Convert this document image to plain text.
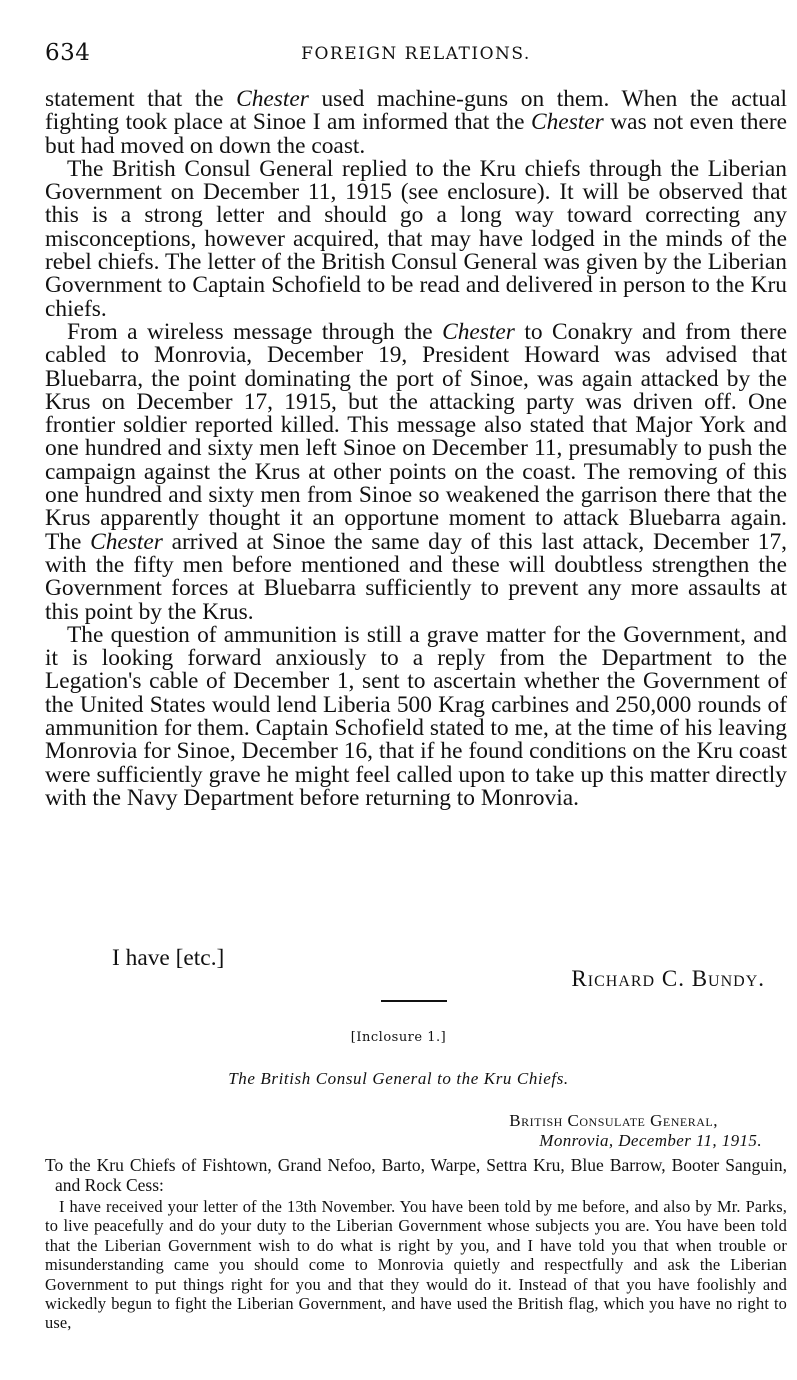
634	FOREIGN RELATIONS.

statement that the Chester used machine-guns on them. When the actual fighting took place at Sinoe I am informed that the Chester was not even there but had moved on down the coast.

The British Consul General replied to the Kru chiefs through the Liberian Government on December 11, 1915 (see enclosure). It will be observed that this is a strong letter and should go a long way toward correcting any misconceptions, however acquired, that may have lodged in the minds of the rebel chiefs. The letter of the British Consul General was given by the Liberian Government to Captain Schofield to be read and delivered in person to the Kru chiefs.

From a wireless message through the Chester to Conakry and from there cabled to Monrovia, December 19, President Howard was advised that Bluebarra, the point dominating the port of Sinoe, was again attacked by the Krus on December 17, 1915, but the attacking party was driven off. One frontier soldier reported killed. This message also stated that Major York and one hundred and sixty men left Sinoe on December 11, presumably to push the campaign against the Krus at other points on the coast. The removing of this one hundred and sixty men from Sinoe so weakened the garrison there that the Krus apparently thought it an opportune moment to attack Bluebarra again. The Chester arrived at Sinoe the same day of this last attack, December 17, with the fifty men before mentioned and these will doubtless strengthen the Government forces at Bluebarra sufficiently to prevent any more assaults at this point by the Krus.

The question of ammunition is still a grave matter for the Government, and it is looking forward anxiously to a reply from the Department to the Legation's cable of December 1, sent to ascertain whether the Government of the United States would lend Liberia 500 Krag carbines and 250,000 rounds of ammunition for them. Captain Schofield stated to me, at the time of his leaving Monrovia for Sinoe, December 16, that if he found conditions on the Kru coast were sufficiently grave he might feel called upon to take up this matter directly with the Navy Department before returning to Monrovia.

I have [etc.]
Richard C. Bundy.
[Inclosure 1.]
The British Consul General to the Kru Chiefs.
British Consulate General,
Monrovia, December 11, 1915.

To the Kru Chiefs of Fishtown, Grand Nefoo, Barto, Warpe, Settra Kru, Blue Barrow, Booter Sanguin, and Rock Cess:

I have received your letter of the 13th November. You have been told by me before, and also by Mr. Parks, to live peacefully and do your duty to the Liberian Government whose subjects you are. You have been told that the Liberian Government wish to do what is right by you, and I have told you that when trouble or misunderstanding came you should come to Monrovia quietly and respectfully and ask the Liberian Government to put things right for you and that they would do it. Instead of that you have foolishly and wickedly begun to fight the Liberian Government, and have used the British flag, which you have no right to use,
